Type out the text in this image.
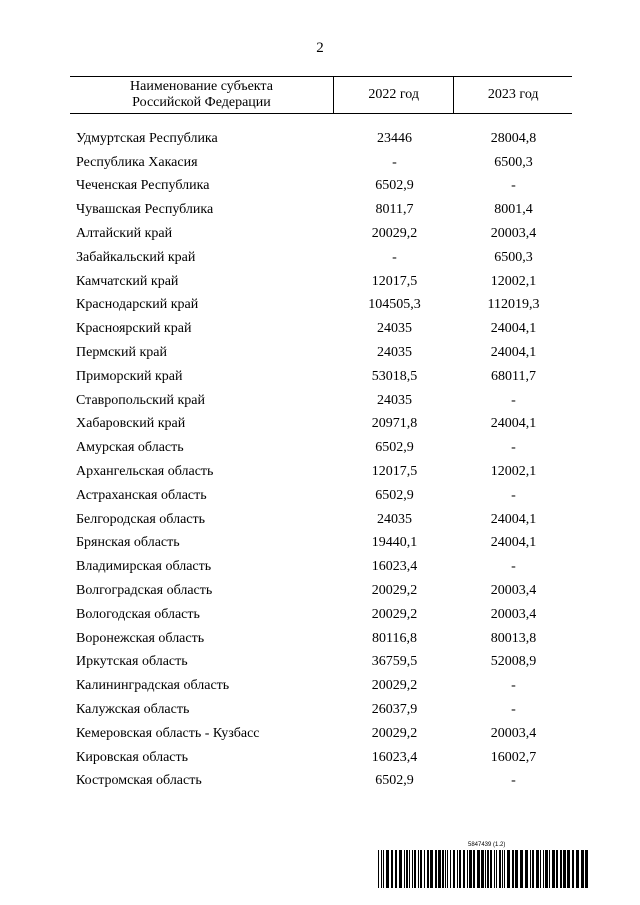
2
Наименование субъекта
Российской Федерации
2022 год	2023 год
Удмуртская Республика	23446	28004,8
Республика Хакасия	-	6500,3
Чеченская Республика	6502,9	-
Чувашская Республика	8011,7	8001,4
Алтайский край	20029,2	20003,4
Забайкальский край	-	6500,3
Камчатский край	12017,5	12002,1
Краснодарский край	104505,3	112019,3
Красноярский край	24035	24004,1
Пермский край	24035	24004,1
Приморский край	53018,5	68011,7
Ставропольский край	24035	-
Хабаровский край	20971,8	24004,1
Амурская область	6502,9	-
Архангельская область	12017,5	12002,1
Астраханская область	6502,9	-
Белгородская область	24035	24004,1
Брянская область	19440,1	24004,1
Владимирская область	16023,4	-
Волгоградская область	20029,2	20003,4
Вологодская область	20029,2	20003,4
Воронежская область	80116,8	80013,8
Иркутская область	36759,5	52008,9
Калининградская область	20029,2	-
Калужская область	26037,9	-
Кемеровская область - Кузбасс	20029,2	20003,4
Кировская область	16023,4	16002,7
Костромская область	6502,9	-
5847439 (1.2)
